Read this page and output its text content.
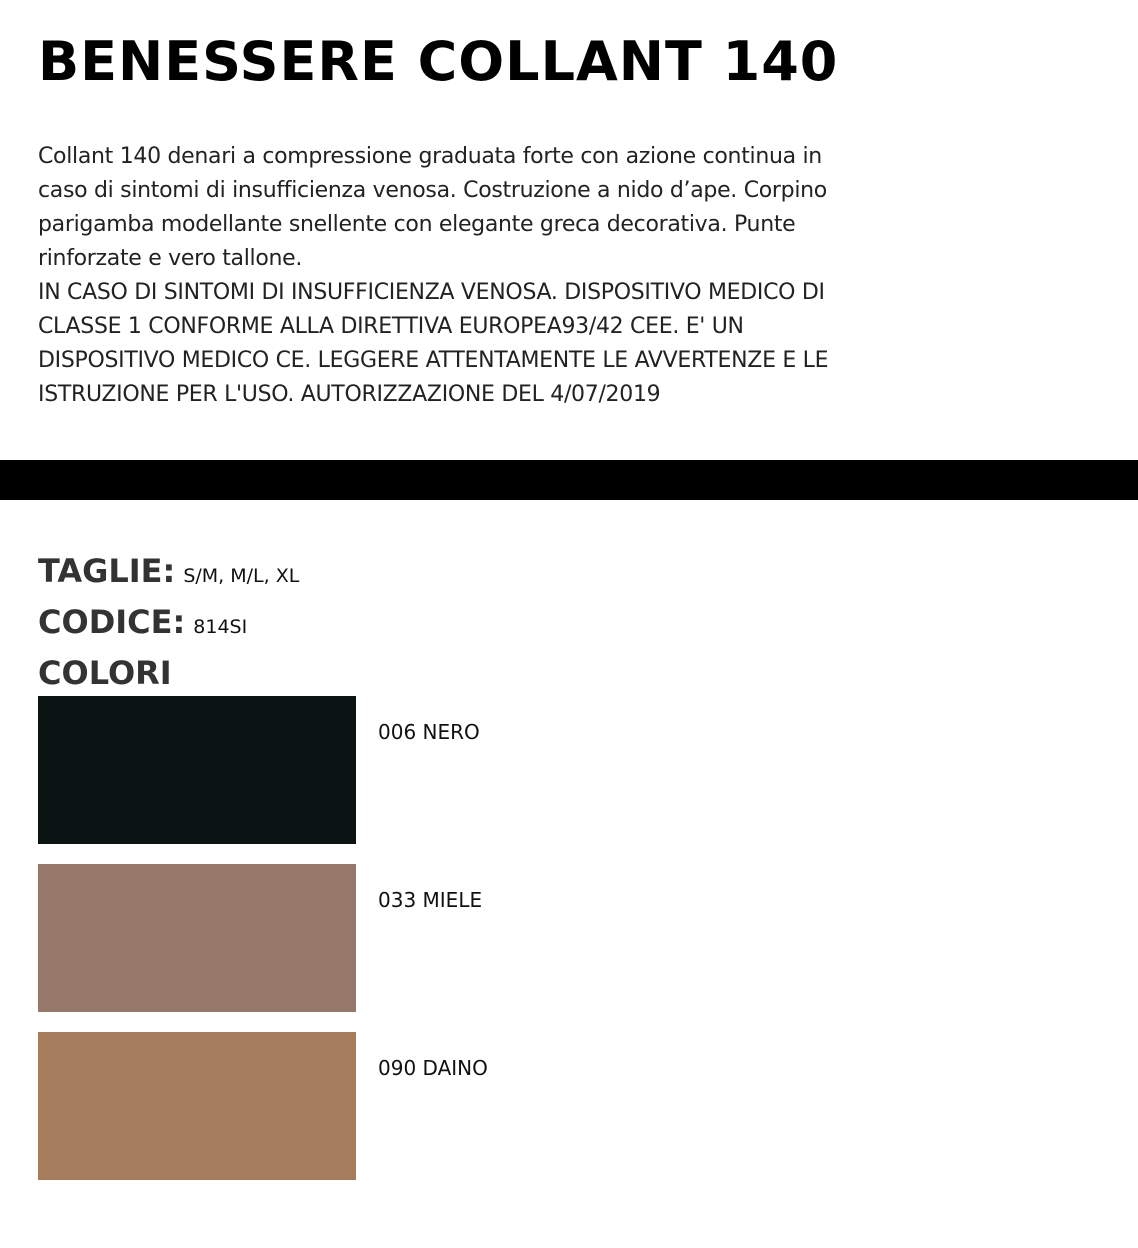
BENESSERE COLLANT 140
Collant 140 denari a compressione graduata forte con azione continua in
caso di sintomi di insufficienza venosa. Costruzione a nido d’ape. Corpino
parigamba modellante snellente con elegante greca decorativa. Punte
rinforzate e vero tallone.
IN CASO DI SINTOMI DI INSUFFICIENZA VENOSA. DISPOSITIVO MEDICO DI
CLASSE 1 CONFORME ALLA DIRETTIVA EUROPEA93/42 CEE. E' UN
DISPOSITIVO MEDICO CE. LEGGERE ATTENTAMENTE LE AVVERTENZE E LE
ISTRUZIONE PER L'USO. AUTORIZZAZIONE DEL 4/07/2019
TAGLIE: S/M, M/L, XL
CODICE: 814SI
COLORI
006 NERO
033 MIELE
090 DAINO
